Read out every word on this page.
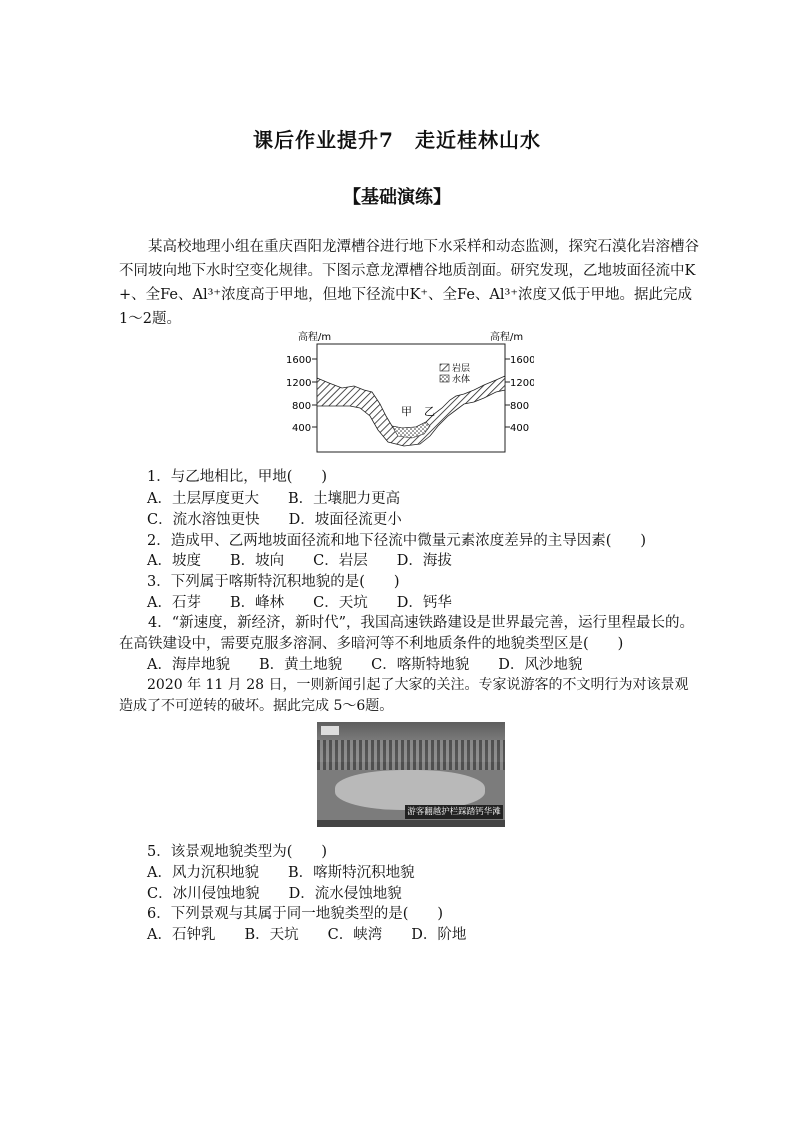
课后作业提升7　走近桂林山水
【基础演练】
　　某高校地理小组在重庆酉阳龙潭槽谷进行地下水采样和动态监测，探究石漠化岩溶槽谷
不同坡向地下水时空变化规律。下图示意龙潭槽谷地质剖面。研究发现，乙地坡面径流中K
+、全Fe、Al³⁺浓度高于甲地，但地下径流中K⁺、全Fe、Al³⁺浓度又低于甲地。据此完成
1～2题。
高程/m	高程/m
1600
1200
800
400
1600
1200
800
400
岩层
水体
甲 乙
1．与乙地相比，甲地(　　)
A．土层厚度更大　　B．土壤肥力更高
C．流水溶蚀更快　　D．坡面径流更小
2．造成甲、乙两地坡面径流和地下径流中微量元素浓度差异的主导因素(　　)
A．坡度　　B．坡向　　C．岩层　　D．海拔
3．下列属于喀斯特沉积地貌的是(　　)
A．石芽　　B．峰林　　C．天坑　　D．钙华
　　4．“新速度，新经济，新时代”，我国高速铁路建设是世界最完善，运行里程最长的。
在高铁建设中，需要克服多溶洞、多暗河等不利地质条件的地貌类型区是(　　)
A．海岸地貌　　B．黄土地貌　　C．喀斯特地貌　　D．风沙地貌
　　2020 年 11 月 28 日，一则新闻引起了大家的关注。专家说游客的不文明行为对该景观
造成了不可逆转的破坏。据此完成 5～6题。
游客翻越护栏踩踏钙华滩
5．该景观地貌类型为(　　)
A．风力沉积地貌　　B．喀斯特沉积地貌
C．冰川侵蚀地貌　　D．流水侵蚀地貌
6．下列景观与其属于同一地貌类型的是(　　)
A．石钟乳　　B．天坑　　C．峡湾　　D．阶地
